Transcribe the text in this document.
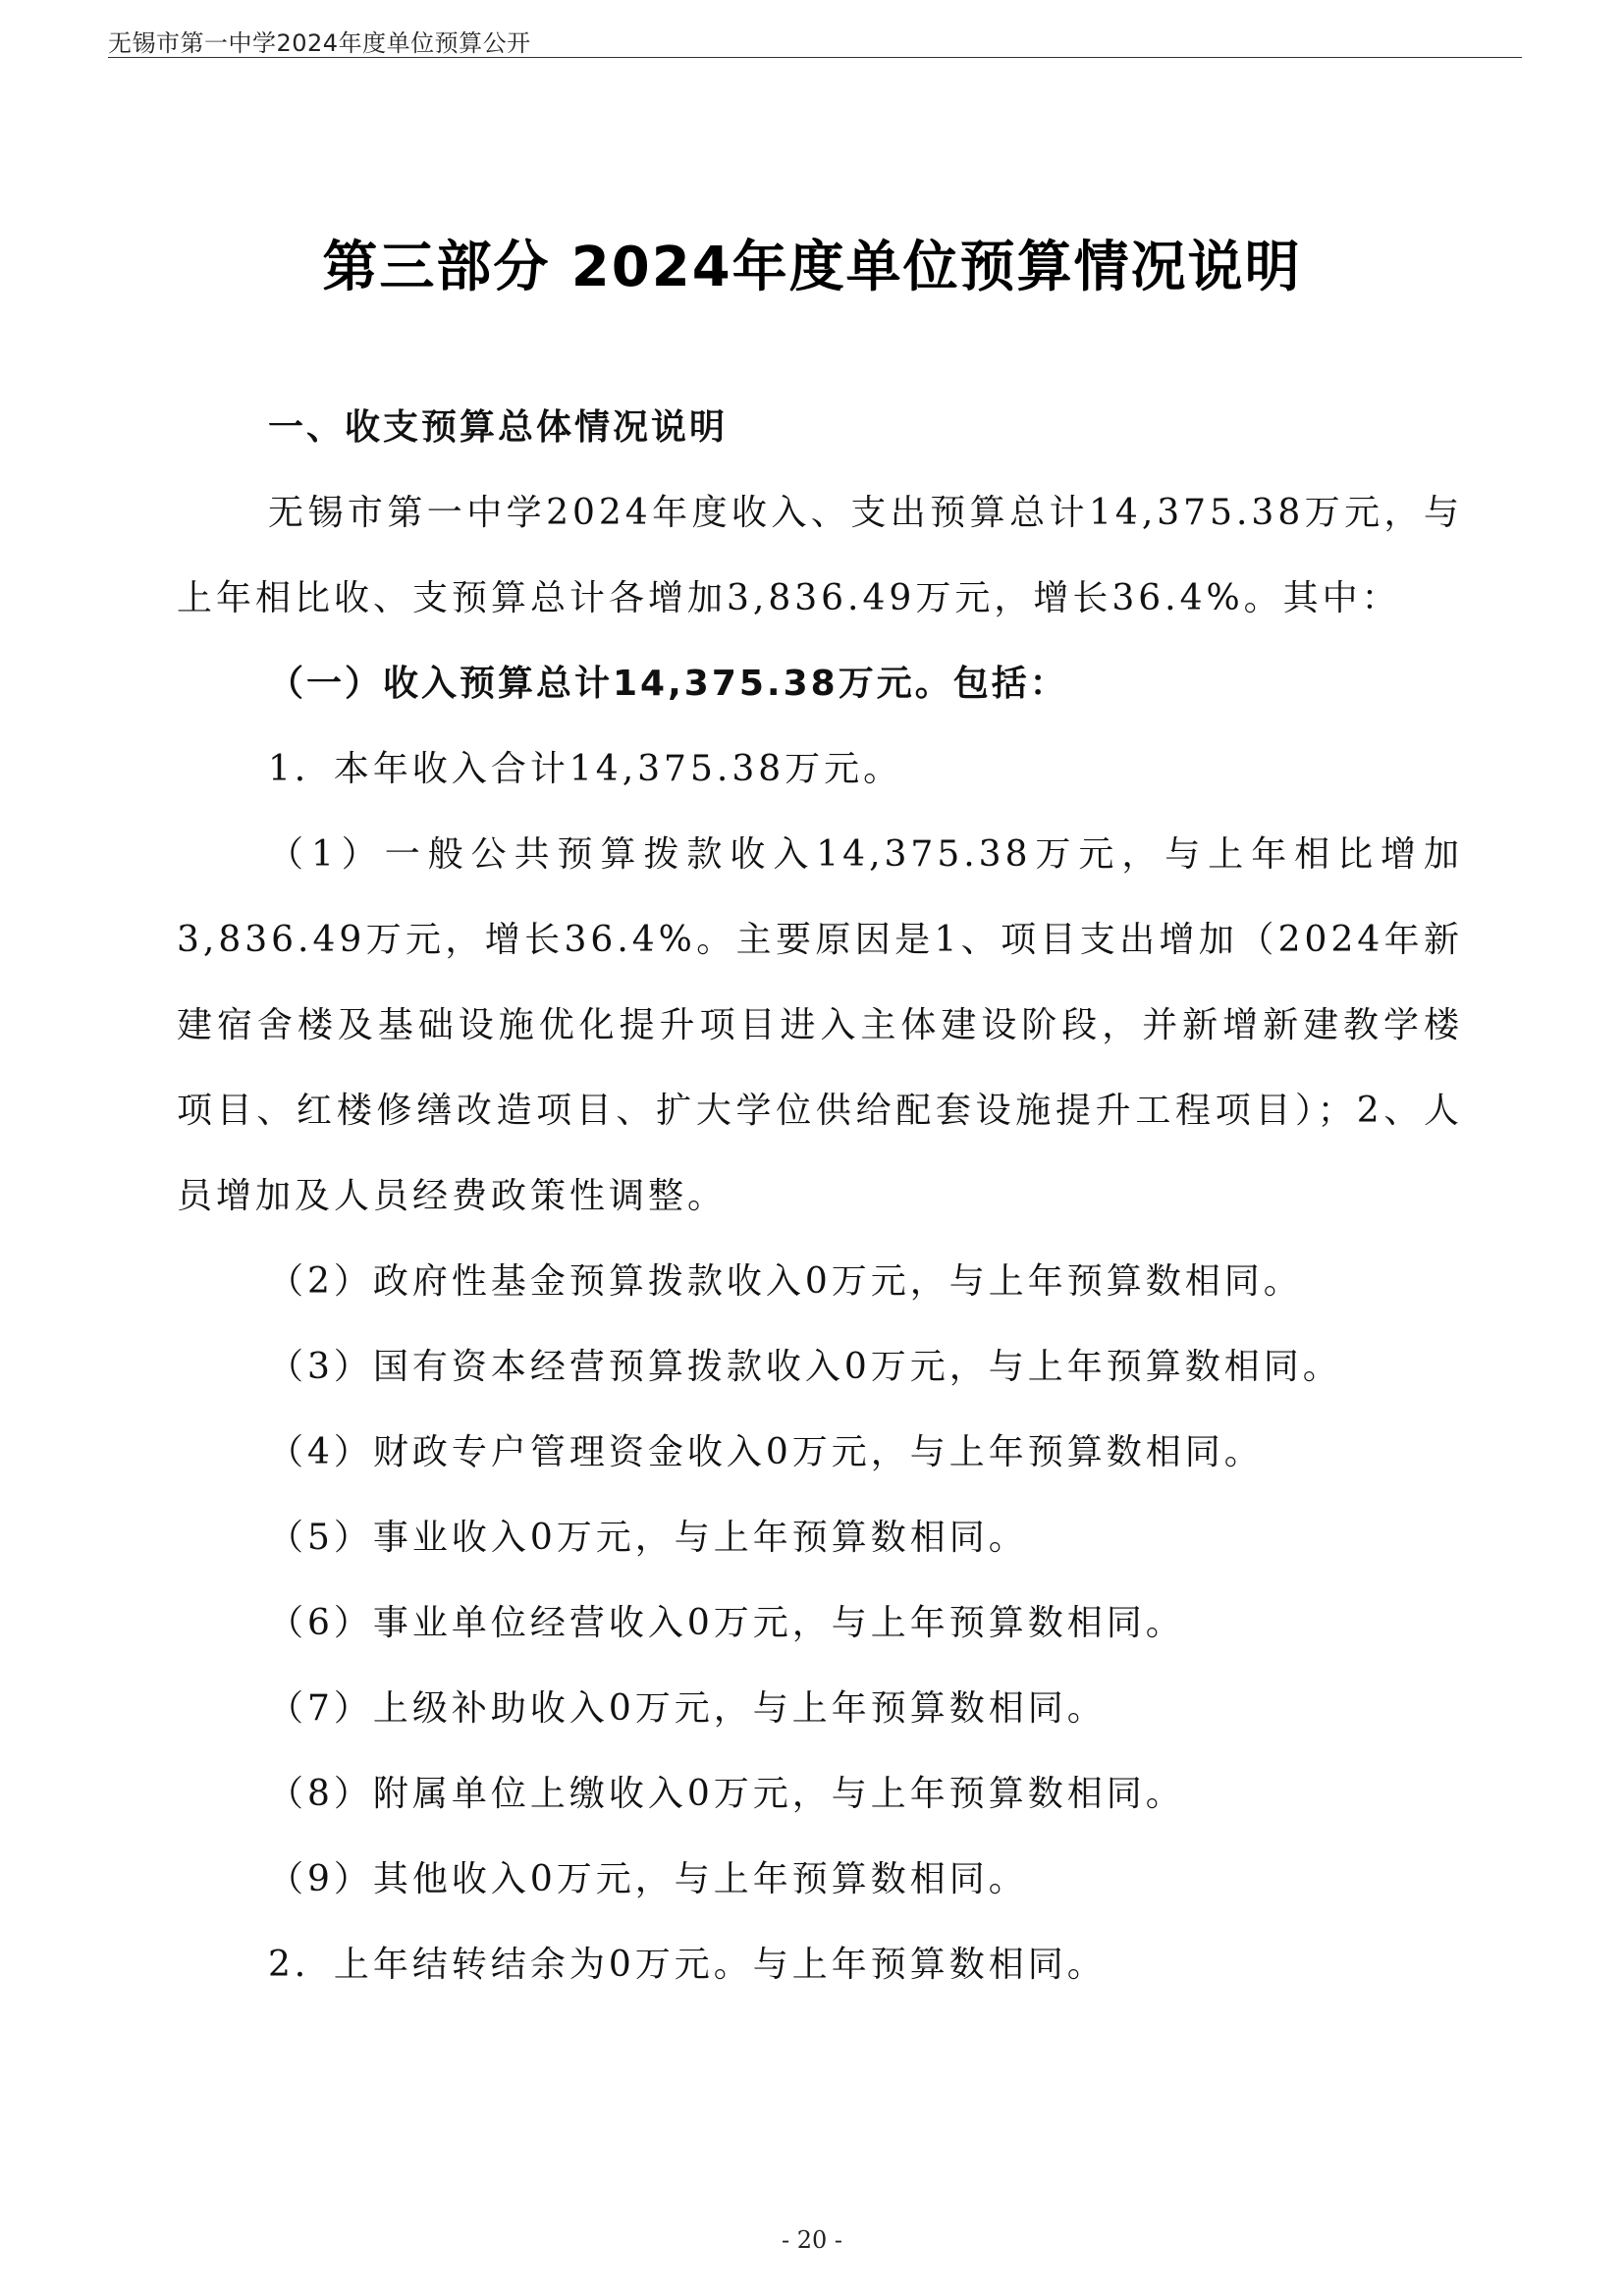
无锡市第一中学2024年度单位预算公开
第三部分 2024年度单位预算情况说明

一、收支预算总体情况说明

无锡市第一中学2024年度收入、支出预算总计14,375.38万元，与上年相比收、支预算总计各增加3,836.49万元，增长36.4%。其中：

（一）收入预算总计14,375.38万元。包括：

1．本年收入合计14,375.38万元。

（1）一般公共预算拨款收入14,375.38万元，与上年相比增加3,836.49万元，增长36.4%。主要原因是1、项目支出增加（2024年新建宿舍楼及基础设施优化提升项目进入主体建设阶段，并新增新建教学楼项目、红楼修缮改造项目、扩大学位供给配套设施提升工程项目）；2、人员增加及人员经费政策性调整。

（2）政府性基金预算拨款收入0万元，与上年预算数相同。

（3）国有资本经营预算拨款收入0万元，与上年预算数相同。

（4）财政专户管理资金收入0万元，与上年预算数相同。

（5）事业收入0万元，与上年预算数相同。

（6）事业单位经营收入0万元，与上年预算数相同。

（7）上级补助收入0万元，与上年预算数相同。

（8）附属单位上缴收入0万元，与上年预算数相同。

（9）其他收入0万元，与上年预算数相同。

2．上年结转结余为0万元。与上年预算数相同。

- 20 -
